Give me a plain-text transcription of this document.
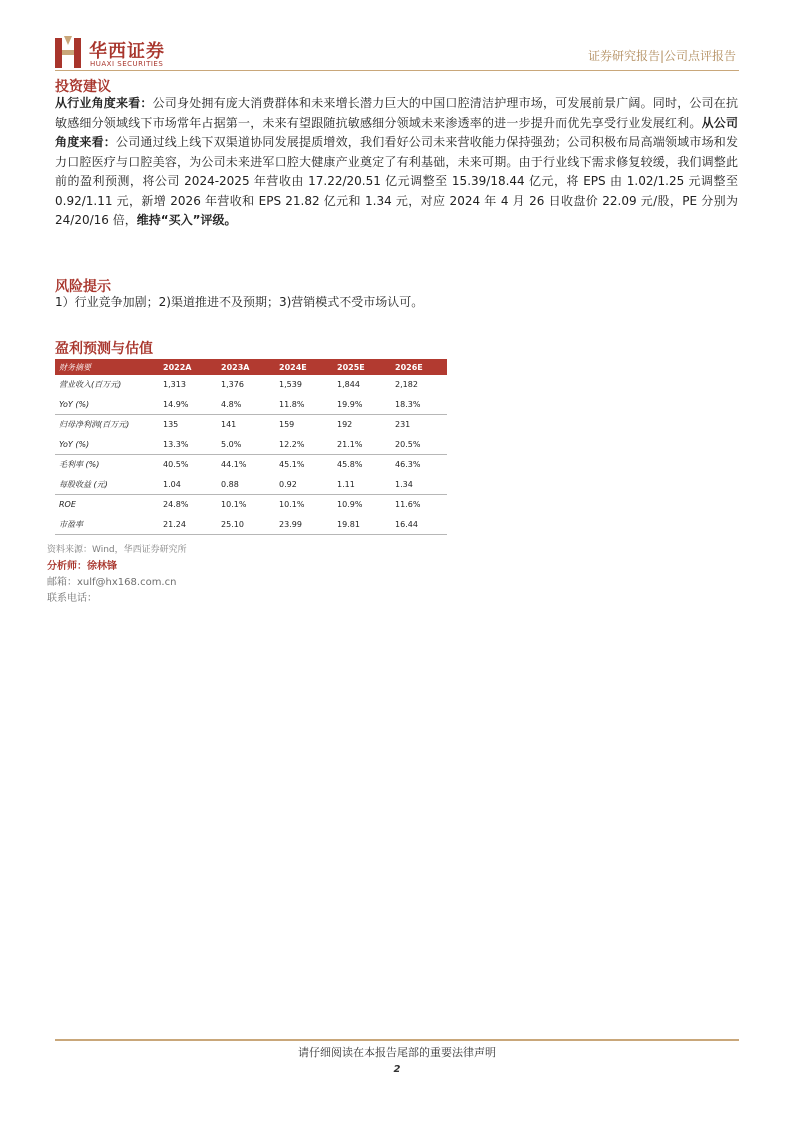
华西证券
HUAXI SECURITIES
证券研究报告|公司点评报告
投资建议
从行业角度来看：公司身处拥有庞大消费群体和未来增长潜力巨大的中国口腔清洁护理市场，可发展前景广阔。同时，公司在抗敏感细分领域线下市场常年占据第一，未来有望跟随抗敏感细分领域未来渗透率的进一步提升而优先享受行业发展红利。从公司角度来看：公司通过线上线下双渠道协同发展提质增效，我们看好公司未来营收能力保持强劲；公司积极布局高端领域市场和发力口腔医疗与口腔美容，为公司未来进军口腔大健康产业奠定了有利基础，未来可期。由于行业线下需求修复较缓，我们调整此前的盈利预测，将公司 2024-2025 年营收由 17.22/20.51 亿元调整至 15.39/18.44 亿元，将 EPS 由 1.02/1.25 元调整至 0.92/1.11 元，新增 2026 年营收和 EPS 21.82 亿元和 1.34 元，对应 2024 年 4 月 26 日收盘价 22.09 元/股，PE 分别为 24/20/16 倍，维持“买入”评级。
风险提示
1）行业竞争加剧；2)渠道推进不及预期；3)营销模式不受市场认可。
盈利预测与估值
财务摘要	2022A	2023A	2024E	2025E	2026E
营业收入(百万元)	1,313	1,376	1,539	1,844	2,182
YoY (%)	14.9%	4.8%	11.8%	19.9%	18.3%
归母净利润(百万元)	135	141	159	192	231
YoY (%)	13.3%	5.0%	12.2%	21.1%	20.5%
毛利率 (%)	40.5%	44.1%	45.1%	45.8%	46.3%
每股收益 (元)	1.04	0.88	0.92	1.11	1.34
ROE	24.8%	10.1%	10.1%	10.9%	11.6%
市盈率	21.24	25.10	23.99	19.81	16.44
资料来源：Wind，华西证券研究所
分析师：徐林锋
邮箱：xulf@hx168.com.cn
联系电话：
请仔细阅读在本报告尾部的重要法律声明
2
